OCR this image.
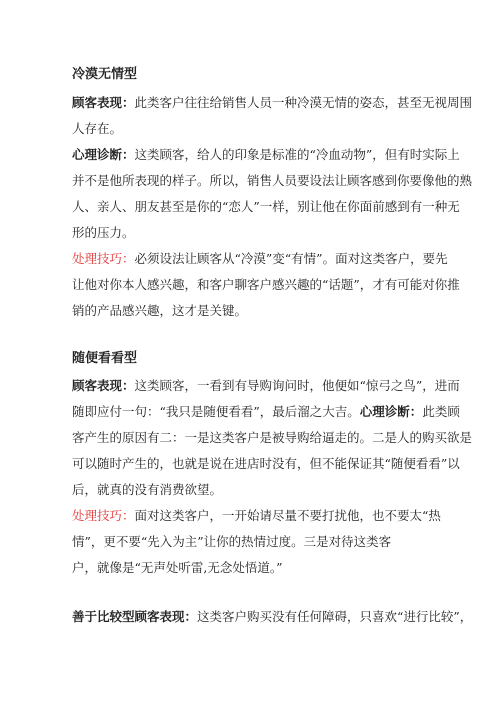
冷漠无情型
顾客表现：此类客户往往给销售人员一种冷漠无情的姿态，甚至无视周围
人存在。
心理诊断：这类顾客，给人的印象是标准的“冷血动物”，但有时实际上
并不是他所表现的样子。所以，销售人员要设法让顾客感到你要像他的熟
人、亲人、朋友甚至是你的“恋人”一样，别让他在你面前感到有一种无
形的压力。
处理技巧：必须设法让顾客从“冷漠”变“有情”。面对这类客户，要先
让他对你本人感兴趣，和客户聊客户感兴趣的“话题”，才有可能对你推
销的产品感兴趣，这才是关键。
随便看看型
顾客表现：这类顾客，一看到有导购询问时，他便如“惊弓之鸟”，进而
随即应付一句：“我只是随便看看”，最后溜之大吉。心理诊断：此类顾
客产生的原因有二：一是这类客户是被导购给逼走的。二是人的购买欲是
可以随时产生的，也就是说在进店时没有，但不能保证其“随便看看”以
后，就真的没有消费欲望。
处理技巧：面对这类客户，一开始请尽量不要打扰他，也不要太“热
情”，更不要“先入为主”让你的热情过度。三是对待这类客
户，就像是“无声处听雷,无念处悟道。”
善于比较型顾客表现：这类客户购买没有任何障碍，只喜欢“进行比较”，
